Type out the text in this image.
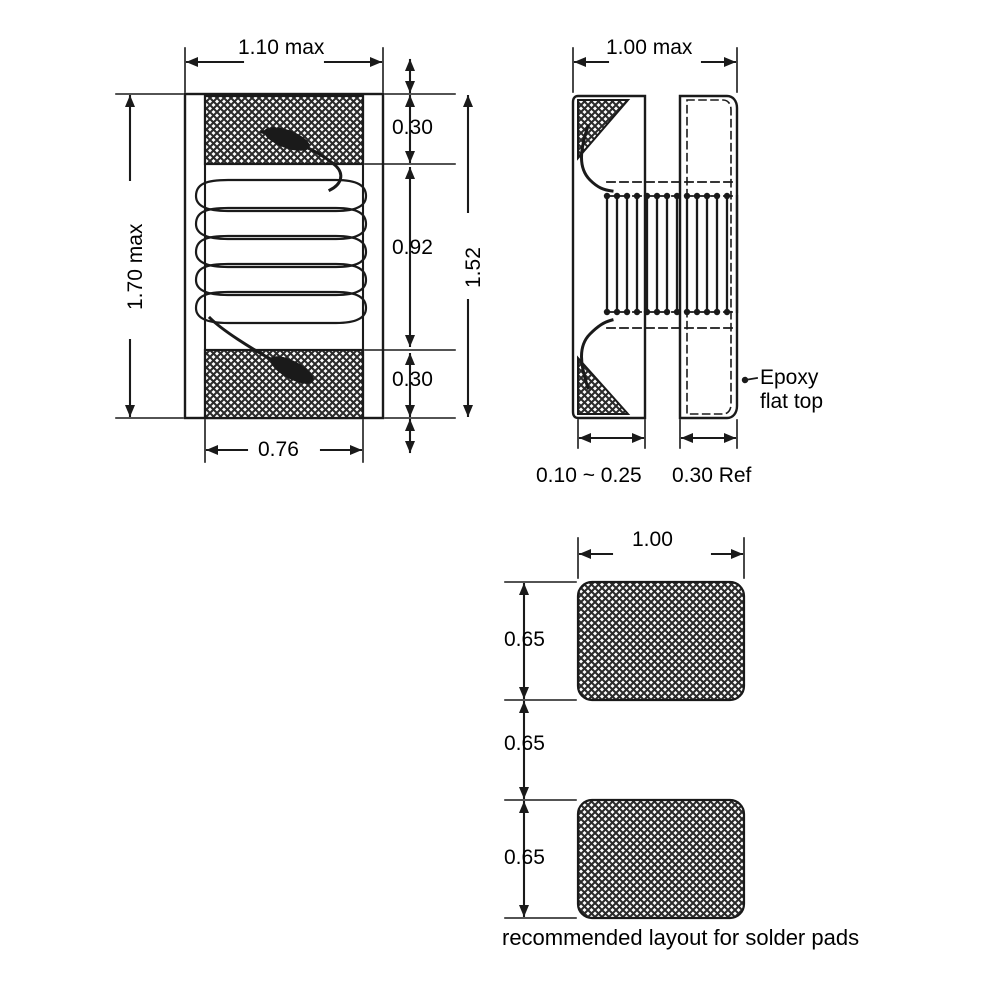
1.10 max
1.70 max
0.30
0.92
0.30
1.52
0.76
1.00 max
0.10 ~ 0.25 0.30 Ref
Epoxy
flat top
1.00
0.65
0.65
0.65
recommended layout for solder pads
